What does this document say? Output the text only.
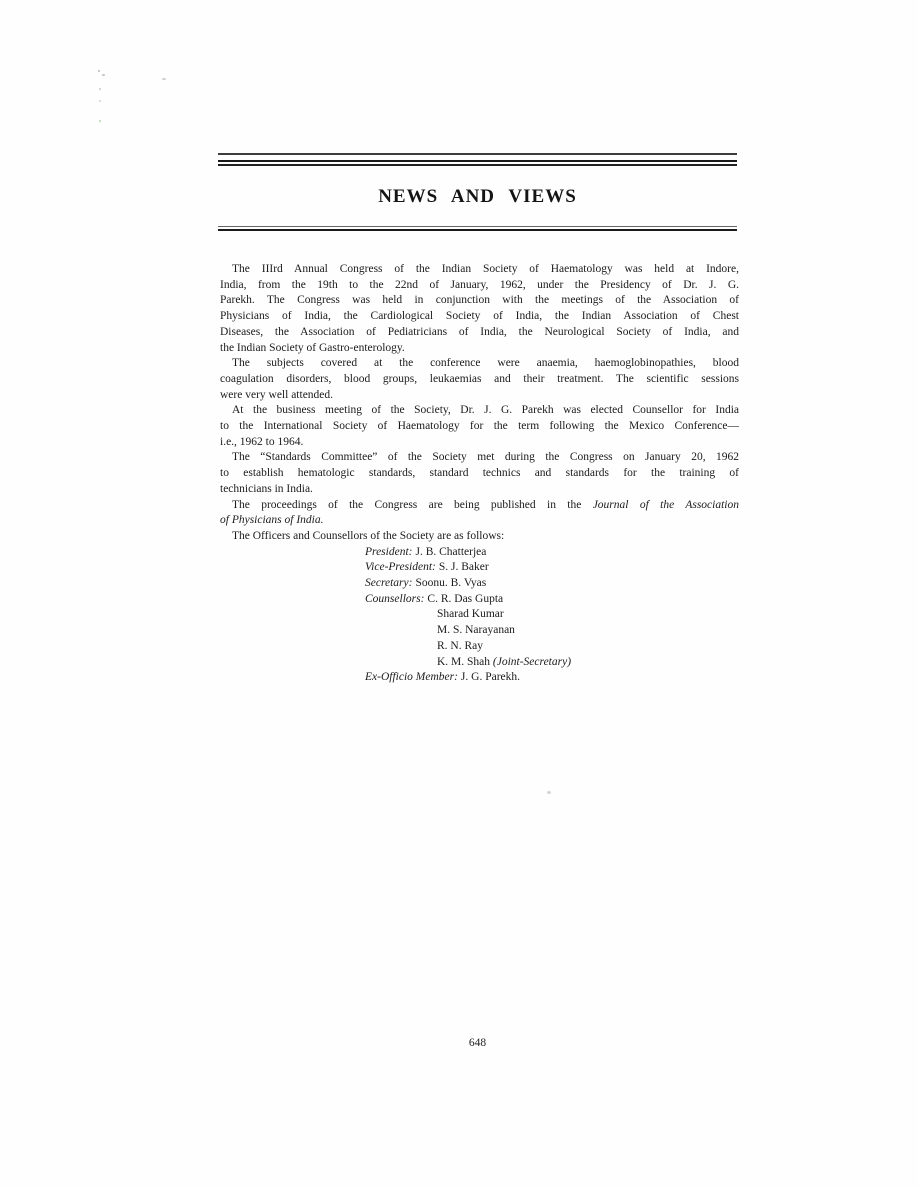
NEWS AND VIEWS
The IIIrd Annual Congress of the Indian Society of Haematology was held at Indore,
India, from the 19th to the 22nd of January, 1962, under the Presidency of Dr. J. G.
Parekh. The Congress was held in conjunction with the meetings of the Association of
Physicians of India, the Cardiological Society of India, the Indian Association of Chest
Diseases, the Association of Pediatricians of India, the Neurological Society of India, and
the Indian Society of Gastro-enterology.
The subjects covered at the conference were anaemia, haemoglobinopathies, blood
coagulation disorders, blood groups, leukaemias and their treatment. The scientific sessions
were very well attended.
At the business meeting of the Society, Dr. J. G. Parekh was elected Counsellor for India
to the International Society of Haematology for the term following the Mexico Conference—
i.e., 1962 to 1964.
The “Standards Committee” of the Society met during the Congress on January 20, 1962
to establish hematologic standards, standard technics and standards for the training of
technicians in India.
The proceedings of the Congress are being published in the Journal of the Association
of Physicians of India.
The Officers and Counsellors of the Society are as follows:
President: J. B. Chatterjea
Vice-President: S. J. Baker
Secretary: Soonu. B. Vyas
Counsellors: C. R. Das Gupta
Sharad Kumar
M. S. Narayanan
R. N. Ray
K. M. Shah (Joint-Secretary)
Ex-Officio Member: J. G. Parekh.
648
